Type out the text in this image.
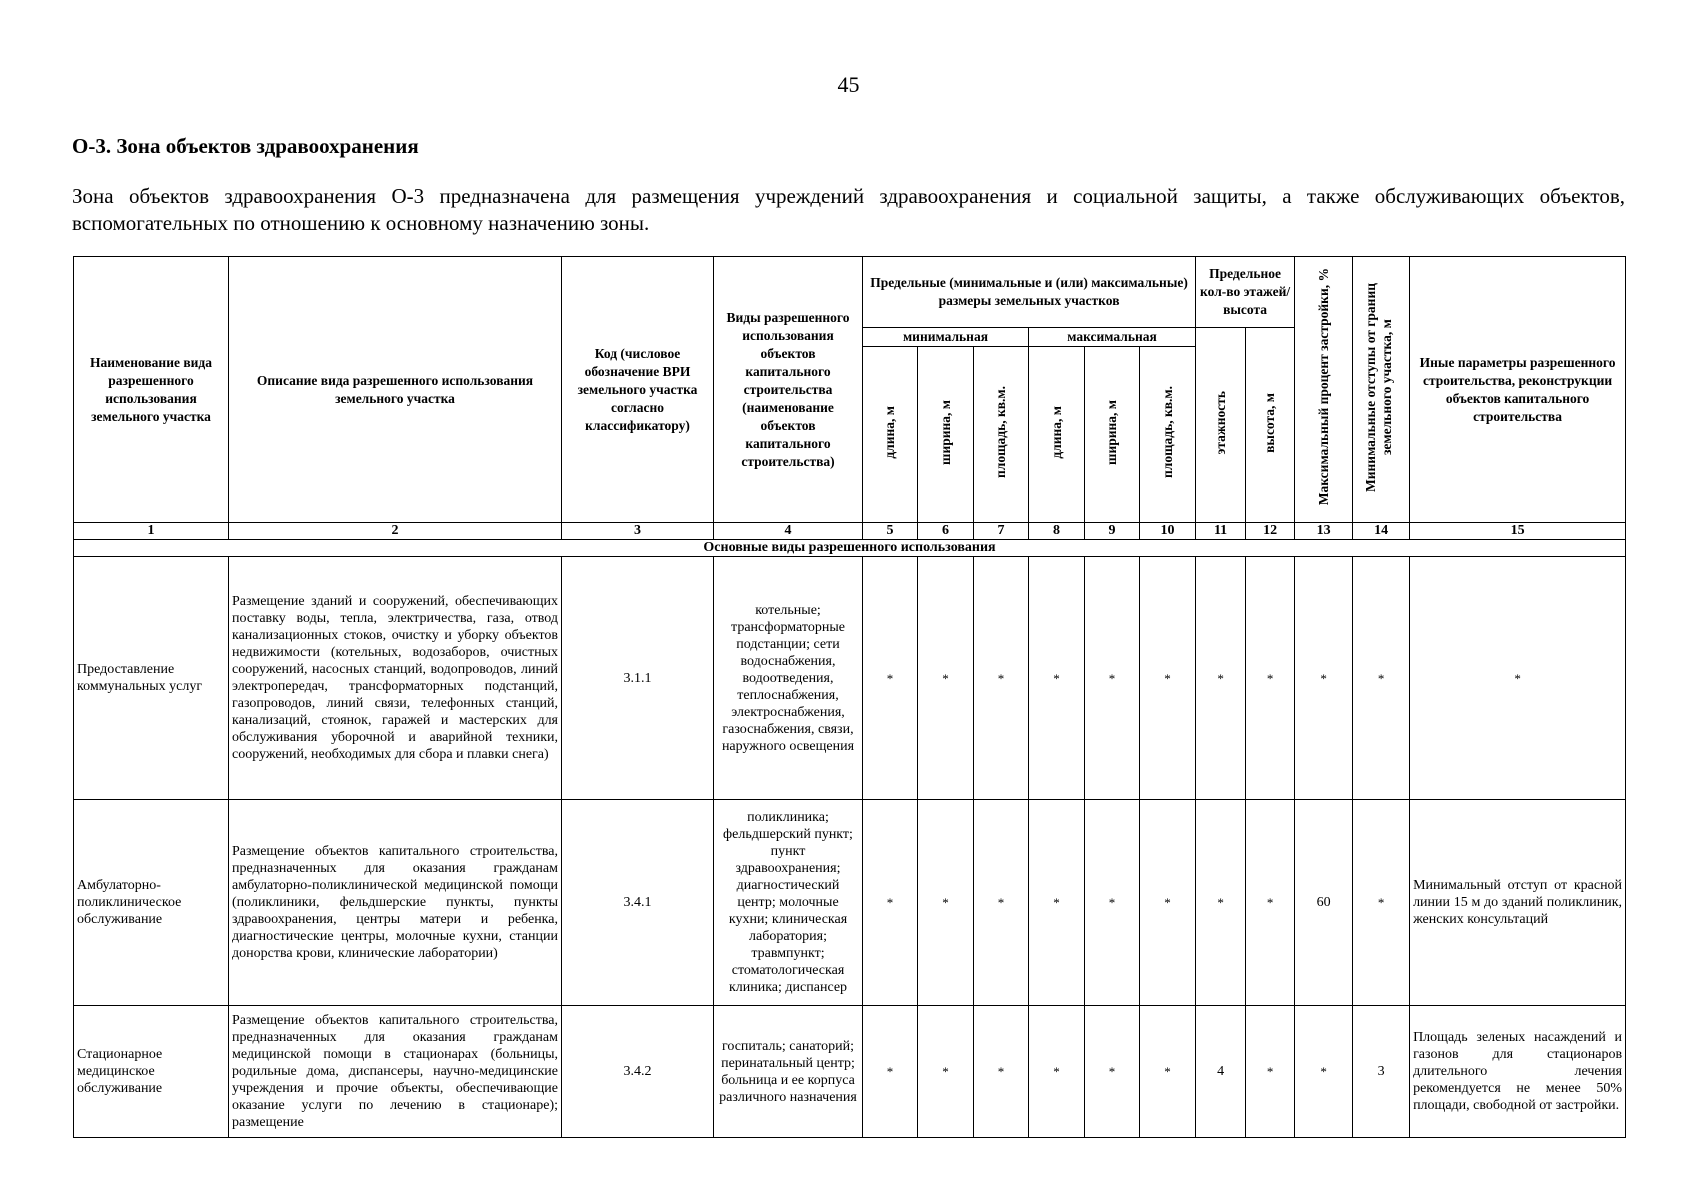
45
О-3. Зона объектов здравоохранения
Зона объектов здравоохранения О-3 предназначена для размещения учреждений здравоохранения и социальной защиты, а также обслуживающих объектов, вспомогательных по отношению к основному назначению зоны.
Наименование вида разрешенного использования земельного участка	Описание вида разрешенного использования земельного участка	Код (числовое обозначение ВРИ земельного участка согласно классификатору)	Виды разрешенного использования объектов капитального строительства (наименование объектов капитального строительства)	Предельные (минимальные и (или) максимальные) размеры земельных участков						Предельное кол-во этажей/ высота		Максимальный процент застройки, %	Минимальные отступы от границ земельного участка, м	Иные параметры разрешенного строительства, реконструкции объектов капитального строительства
				минимальная			максимальная			этажность	высота, м			
				длина, м	ширина, м	площадь, кв.м.	длина, м	ширина, м	площадь, кв.м.					
1	2	3	4	5	6	7	8	9	10	11	12	13	14	15
Основные виды разрешенного использования														
Предоставление коммунальных услуг	Размещение зданий и сооружений, обеспечивающих поставку воды, тепла, электричества, газа, отвод канализационных стоков, очистку и уборку объектов недвижимости (котельных, водозаборов, очистных сооружений, насосных станций, водопроводов, линий электропередач, трансформаторных подстанций, газопроводов, линий связи, телефонных станций, канализаций, стоянок, гаражей и мастерских для обслуживания уборочной и аварийной техники, сооружений, необходимых для сбора и плавки снега)	3.1.1	котельные; трансформаторные подстанции; сети водоснабжения, водоотведения, теплоснабжения, электроснабжения, газоснабжения, связи, наружного освещения	*	*	*	*	*	*	*	*	*	*	*
Амбулаторно-поликлиническое обслуживание	Размещение объектов капитального строительства, предназначенных для оказания гражданам амбулаторно-поликлинической медицинской помощи (поликлиники, фельдшерские пункты, пункты здравоохранения, центры матери и ребенка, диагностические центры, молочные кухни, станции донорства крови, клинические лаборатории)	3.4.1	поликлиника; фельдшерский пункт; пункт здравоохранения; диагностический центр; молочные кухни; клиническая лаборатория; травмпункт; стоматологическая клиника; диспансер	*	*	*	*	*	*	*	*	60	*	Минимальный отступ от красной линии 15 м до зданий поликлиник, женских консультаций
Стационарное медицинское обслуживание	Размещение объектов капитального строительства, предназначенных для оказания гражданам медицинской помощи в стационарах (больницы, родильные дома, диспансеры, научно-медицинские учреждения и прочие объекты, обеспечивающие оказание услуги по лечению в стационаре); размещение	3.4.2	госпиталь; санаторий; перинатальный центр; больница и ее корпуса различного назначения	*	*	*	*	*	*	4	*	*	3	Площадь зеленых насаждений и газонов для стационаров длительного лечения рекомендуется не менее 50% площади, свободной от застройки.
